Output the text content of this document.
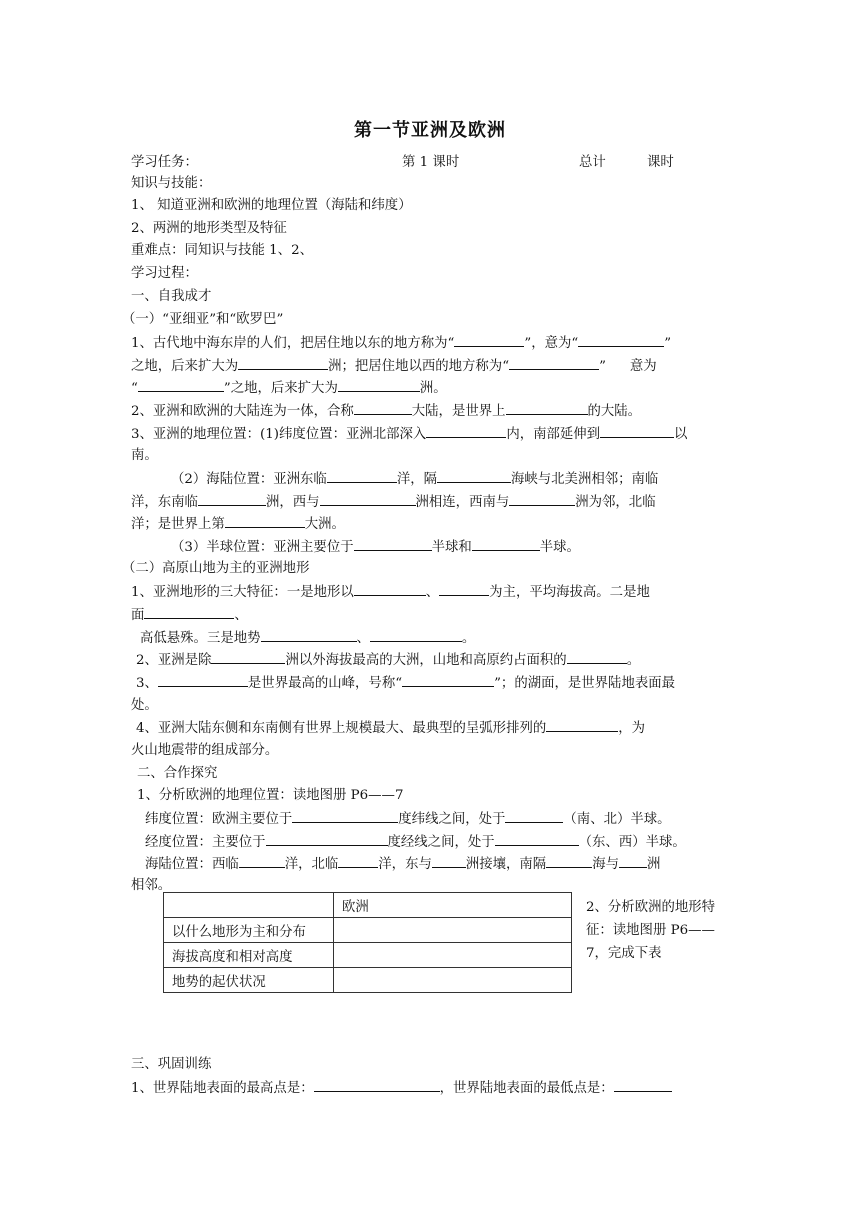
第一节亚洲及欧洲
学习任务：	第 1 课时	总计	课时
知识与技能：
1、 知道亚洲和欧洲的地理位置（海陆和纬度）
2、两洲的地形类型及特征
重难点：同知识与技能 1、2、
学习过程：
一、自我成才
（一）“亚细亚”和“欧罗巴”
1、古代地中海东岸的人们，把居住地以东的地方称为“	”，意为“	”
之地，后来扩大为	洲；把居住地以西的地方称为“	” 意为
“	”之地，后来扩大为	洲。
2、亚洲和欧洲的大陆连为一体，合称	大陆，是世界上	的大陆。
3、亚洲的地理位置：(1)纬度位置：亚洲北部深入	内，南部延伸到	以
南。
（2）海陆位置：亚洲东临	洋，隔	海峡与北美洲相邻；南临
洋，东南临	洲，西与	洲相连，西南与	洲为邻，北临
洋；是世界上第	大洲。
（3）半球位置：亚洲主要位于	半球和	半球。
（二）高原山地为主的亚洲地形
1、亚洲地形的三大特征：一是地形以	、	为主，平均海拔高。二是地
面	、
高低悬殊。三是地势	、	。
2、亚洲是除	洲以外海拔最高的大洲，山地和高原约占面积的	。
3、	是世界最高的山峰，号称“	”；的湖面，是世界陆地表面最
处。
4、亚洲大陆东侧和东南侧有世界上规模最大、最典型的呈弧形排列的	，为
火山地震带的组成部分。
二、合作探究
1、分析欧洲的地理位置：读地图册 P6——7
纬度位置：欧洲主要位于	度纬线之间，处于	（南、北）半球。
经度位置：主要位于	度经线之间，处于	（东、西）半球。
海陆位置：西临	洋，北临	洋，东与	洲接壤，南隔	海与 洲
相邻。
	欧洲
以什么地形为主和分布	
海拔高度和相对高度	
地势的起伏状况	
2、分析欧洲的地形特征：读地图册 P6——7，完成下表
三、巩固训练
1、世界陆地表面的最高点是：	，世界陆地表面的最低点是：
